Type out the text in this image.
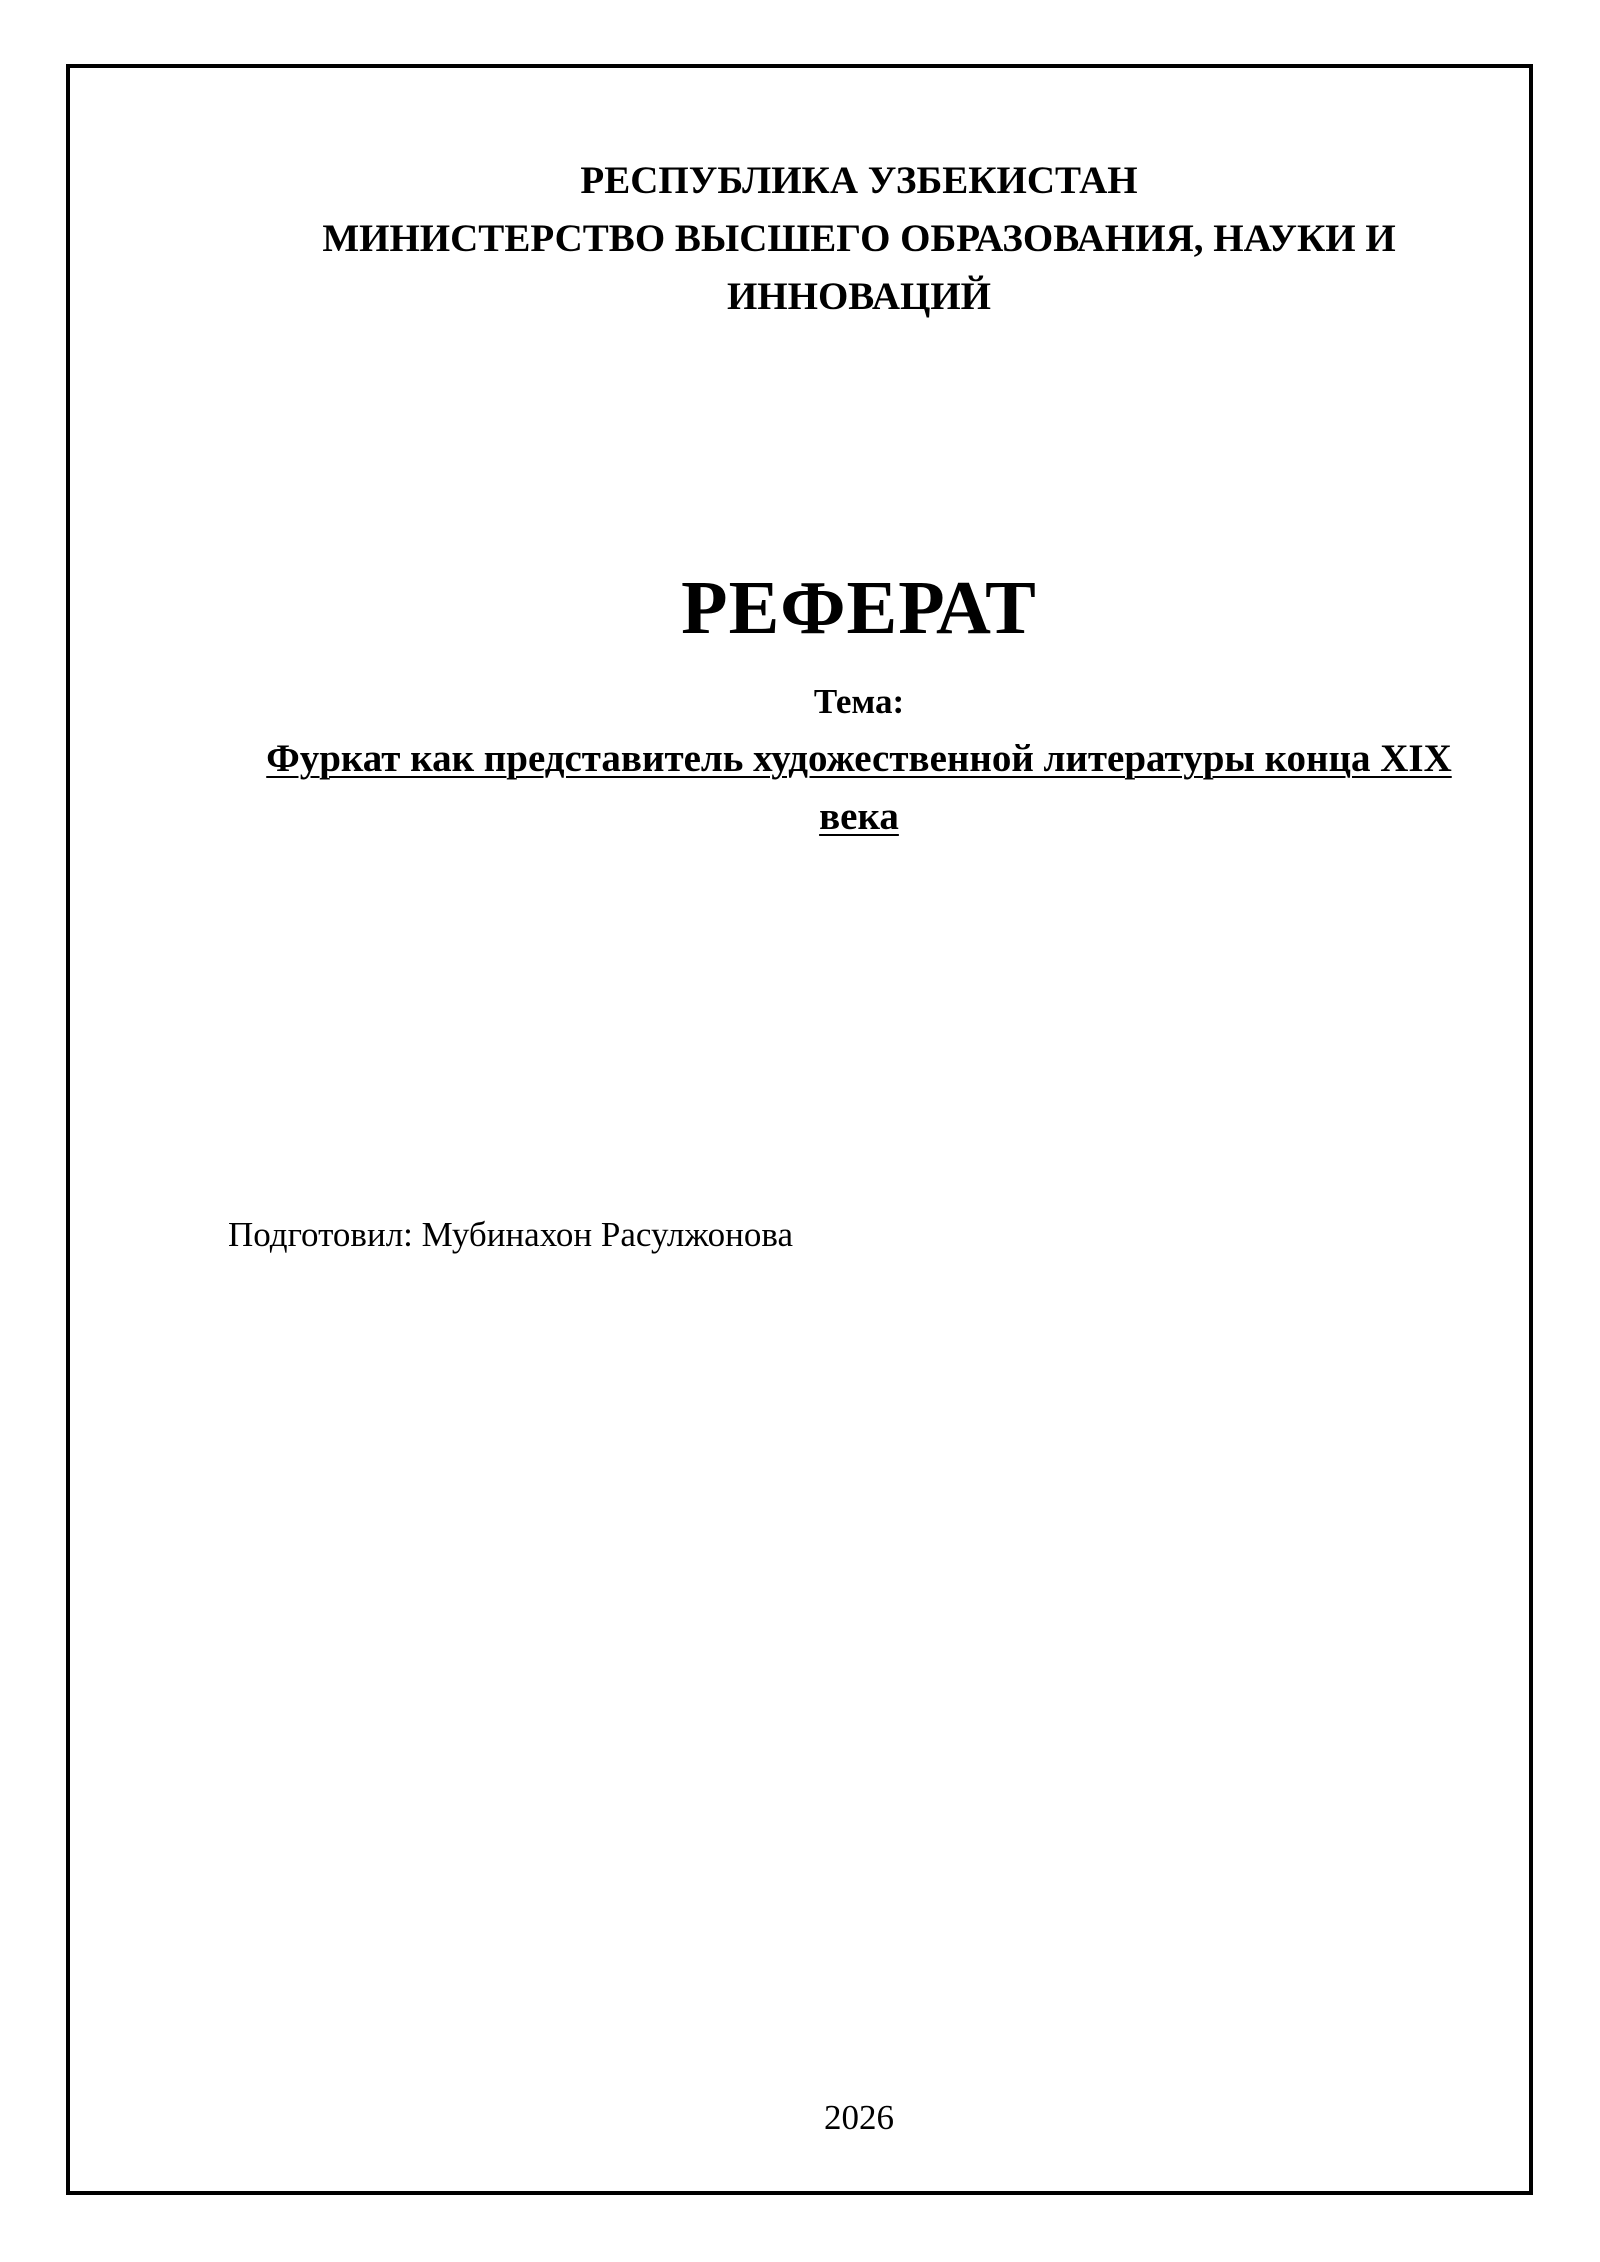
РЕСПУБЛИКА УЗБЕКИСТАН
МИНИСТЕРСТВО ВЫСШЕГО ОБРАЗОВАНИЯ, НАУКИ И ИННОВАЦИЙ
РЕФЕРАТ
Тема:
Фуркат как представитель художественной литературы конца XIX века
Подготовил: Мубинахон Расулжонова
2026
